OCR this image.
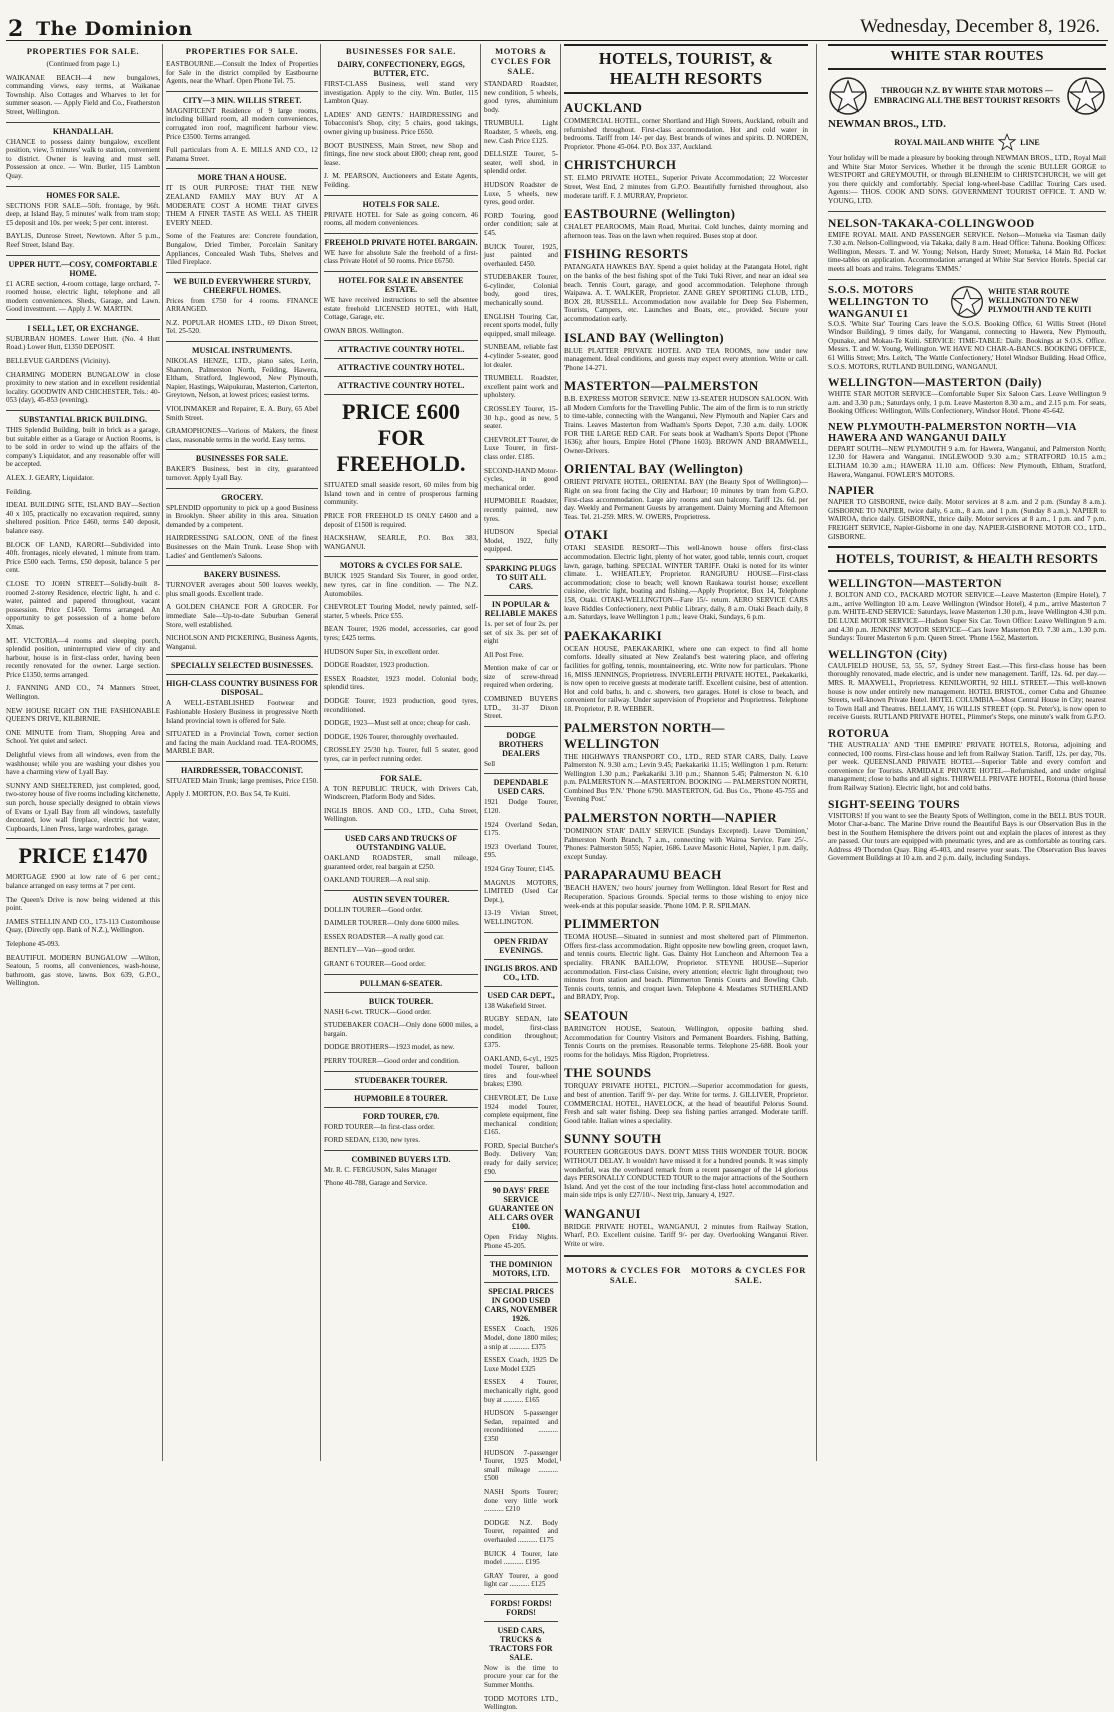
2 The Dominion	Wednesday, December 8, 1926.
PROPERTIES FOR SALE.
(Continued from page 1.)
WAIKANAE BEACH—4 new bungalows, commanding views, easy terms, at Waikanae Township. Also Cottages and Wharves to let for summer season. — Apply Field and Co., Featherston Street, Wellington.
KHANDALLAH.
CHANCE to possess dainty bungalow, excellent position, view, 5 minutes' walk to station, convenient to district. Owner is leaving and must sell. Possession at once. — Wm. Butler, 115 Lambton Quay.
HOMES FOR SALE.
SECTIONS FOR SALE—50ft. frontage, by 96ft. deep, at Island Bay, 5 minutes' walk from tram stop; £5 deposit and 10s. per week; 5 per cent. interest.
BAYLIS, Dunrose Street, Newtown. After 5 p.m., Reef Street, Island Bay.
UPPER HUTT.—COSY, COMFORTABLE HOME.
£1 ACRE section, 4-room cottage, large orchard, 7-roomed house, electric light, telephone and all modern conveniences. Sheds, Garage, and Lawn. Good investment. — Apply J. W. MARTIN.
I SELL, LET, OR EXCHANGE.
SUBURBAN HOMES. Lower Hutt. (No. 4 Hutt Road.) Lower Hutt, £1350 DEPOSIT.
BELLEVUE GARDENS (Vicinity).
CHARMING MODERN BUNGALOW in close proximity to new station and in excellent residential locality. GOODWIN AND CHICHESTER, Tels.: 40-053 (day), 45-853 (evening).
SUBSTANTIAL BRICK BUILDING.
THIS Splendid Building, built in brick as a garage, but suitable either as a Garage or Auction Rooms, is to be sold in order to wind up the affairs of the company's Liquidator, and any reasonable offer will be accepted.
ALEX. J. GEARY, Liquidator.
Feilding.
IDEAL BUILDING SITE, ISLAND BAY—Section 40 x 105, practically no excavation required, sunny sheltered position. Price £460, terms £40 deposit, balance easy.
BLOCK OF LAND, KARORI—Subdivided into 40ft. frontages, nicely elevated, 1 minute from tram. Price £500 each. Terms, £50 deposit, balance 5 per cent.
CLOSE TO JOHN STREET—Solidly-built 8-roomed 2-storey Residence, electric light, h. and c. water, painted and papered throughout, vacant possession. Price £1450. Terms arranged. An opportunity to get possession of a home before Xmas.
MT. VICTORIA—4 rooms and sleeping porch, splendid position, uninterrupted view of city and harbour, house is in first-class order, having been recently renovated for the owner. Large section. Price £1350, terms arranged.
J. FANNING AND CO., 74 Manners Street, Wellington.
NEW HOUSE RIGHT ON THE FASHIONABLE QUEEN'S DRIVE, KILBIRNIE.
ONE MINUTE from Tram, Shopping Area and School. Yet quiet and select.
Delightful views from all windows, even from the washhouse; while you are washing your dishes you have a charming view of Lyall Bay.
SUNNY AND SHELTERED, just completed, good, two-storey house of five rooms including kitchenette, sun porch, house specially designed to obtain views of Evans or Lyall Bay from all windows, tastefully decorated, low wall fireplace, electric hot water, Cupboards, Linen Press, large wardrobes, garage.
PRICE £1470
MORTGAGE £900 at low rate of 6 per cent.; balance arranged on easy terms at 7 per cent.
The Queen's Drive is now being widened at this point.
JAMES STELLIN AND CO., 173-113 Customhouse Quay, (Directly opp. Bank of N.Z.), Wellington.
Telephone 45-093.
BEAUTIFUL MODERN BUNGALOW —Wilton, Seatoun, 5 rooms, all conveniences, wash-house, bathroom, gas stove, lawns. Box 639, G.P.O., Wellington.
PROPERTIES FOR SALE.
EASTBOURNE.—Consult the Index of Properties for Sale in the district compiled by Eastbourne Agents, near the Wharf. Open Phone Tel. 75.
CITY—3 MIN. WILLIS STREET.
MAGNIFICENT Residence of 9 large rooms, including billiard room, all modern conveniences, corrugated iron roof, magnificent harbour view. Price £3500. Terms arranged.
Full particulars from A. E. MILLS AND CO., 12 Panama Street.
MORE THAN A HOUSE.
IT IS OUR PURPOSE: THAT THE NEW ZEALAND FAMILY MAY BUY AT A MODERATE COST A HOME THAT GIVES THEM A FINER TASTE AS WELL AS THEIR EVERY NEED.
Some of the Features are: Concrete foundation, Bungalow, Dried Timber, Porcelain Sanitary Appliances, Concealed Wash Tubs, Shelves and Tiled Fireplace.
WE BUILD EVERYWHERE STURDY, CHEERFUL HOMES.
Prices from £750 for 4 rooms. FINANCE ARRANGED.
N.Z. POPULAR HOMES LTD., 69 Dixon Street, Tel. 25-520.
MUSICAL INSTRUMENTS.
NIKOLAS HENZE, LTD., piano sales, Lerin, Shannon, Palmerston North, Feilding, Hawera, Eltham, Stratford, Inglewood, New Plymouth, Napier, Hastings, Waipukurau, Masterton, Carterton, Greytown, Nelson, at lowest prices; easiest terms.
VIOLINMAKER and Repairer, E. A. Bury, 65 Abel Smith Street.
GRAMOPHONES—Various of Makers, the finest class, reasonable terms in the world. Easy terms.
BUSINESSES FOR SALE.
BAKER'S Business, best in city, guaranteed turnover. Apply Lyall Bay.
GROCERY.
SPLENDID opportunity to pick up a good Business in Brooklyn. Sheer ability in this area. Situation demanded by a competent.
HAIRDRESSING SALOON, ONE of the finest Businesses on the Main Trunk. Lease Shop with Ladies' and Gentlemen's Saloons.
BAKERY BUSINESS.
TURNOVER averages about 500 loaves weekly, plus small goods. Excellent trade.
A GOLDEN CHANCE FOR A GROCER. For immediate Sale—Up-to-date Suburban General Store, well established.
NICHOLSON AND PICKERING, Business Agents, Wanganui.
SPECIALLY SELECTED BUSINESSES.
HIGH-CLASS COUNTRY BUSINESS FOR DISPOSAL.
A WELL-ESTABLISHED Footwear and Fashionable Hosiery Business in progressive North Island provincial town is offered for Sale.
SITUATED in a Provincial Town, corner section and facing the main Auckland road. TEA-ROOMS, MARBLE BAR.
HAIRDRESSER, TOBACCONIST.
SITUATED Main Trunk; large premises, Price £150.
Apply J. MORTON, P.O. Box 54, Te Kuiti.
BUSINESSES FOR SALE.
DAIRY, CONFECTIONERY, EGGS, BUTTER, ETC.
FIRST-CLASS Business, well stand very investigation. Apply to the city. Wm. Butler, 115 Lambton Quay.
LADIES' AND GENTS.' HAIRDRESSING and Tobacconist's Shop, city; 5 chairs, good takings, owner giving up business. Price £650.
BOOT BUSINESS, Main Street, new Shop and fittings, fine new stock about £800; cheap rent, good lease.
J. M. PEARSON, Auctioneers and Estate Agents, Feilding.
HOTELS FOR SALE.
PRIVATE HOTEL for Sale as going concern, 46 rooms, all modern conveniences.
FREEHOLD PRIVATE HOTEL BARGAIN.
WE have for absolute Sale the freehold of a first-class Private Hotel of 50 rooms. Price £6750.
HOTEL FOR SALE IN ABSENTEE ESTATE.
WE have received instructions to sell the absentee estate freehold LICENSED HOTEL, with Hall, Cottage, Garage, etc.
OWAN BROS. Wellington.
ATTRACTIVE COUNTRY HOTEL.
ATTRACTIVE COUNTRY HOTEL.
ATTRACTIVE COUNTRY HOTEL.
PRICE £600 FOR FREEHOLD.
SITUATED small seaside resort, 60 miles from big Island town and in centre of prosperous farming community.
PRICE FOR FREEHOLD IS ONLY £4600 and a deposit of £1500 is required.
HACKSHAW, SEARLE, P.O. Box 383, WANGANUI.
MOTORS & CYCLES FOR SALE.
BUICK 1925 Standard Six Tourer, in good order, new tyres, car in fine condition. — The N.Z. Automobiles.
CHEVROLET Touring Model, newly painted, self-starter, 5 wheels. Price £55.
BEAN Tourer, 1926 model, accessories, car good tyres; £425 terms.
HUDSON Super Six, in excellent order.
DODGE Roadster, 1923 production.
ESSEX Roadster, 1923 model. Colonial body, splendid tires.
DODGE Tourer, 1923 production, good tyres, reconditioned.
DODGE, 1923—Must sell at once; cheap for cash.
DODGE, 1926 Tourer, thoroughly overhauled.
CROSSLEY 25/30 h.p. Tourer, full 5 seater, good tyres, car in perfect running order.
FOR SALE.
A TON REPUBLIC TRUCK, with Drivers Cab, Windscreen, Platform Body and Sides.
INGLIS BROS. AND CO., LTD., Cuba Street, Wellington.
USED CARS AND TRUCKS OF OUTSTANDING VALUE.
OAKLAND ROADSTER, small mileage, guaranteed order, real bargain at £250.
OAKLAND TOURER—A real snip.
AUSTIN SEVEN TOURER.
DOLLIN TOURER—Good order.
DAIMLER TOURER—Only done 6000 miles.
ESSEX ROADSTER—A really good car.
BENTLEY—Van—good order.
GRANT 6 TOURER—Good order.
PULLMAN 6-SEATER.
BUICK TOURER.
NASH 6-cwt. TRUCK—Good order.
STUDEBAKER COACH—Only done 6000 miles, a bargain.
DODGE BROTHERS—1923 model, as new.
PERRY TOURER—Good order and condition.
STUDEBAKER TOURER.
HUPMOBILE 8 TOURER.
FORD TOURER, £70.
FORD TOURER—In first-class order.
FORD SEDAN, £130, new tyres.
COMBINED BUYERS LTD.
Mr. R. C. FERGUSON, Sales Manager
'Phone 40-788, Garage and Service.
MOTORS & CYCLES FOR SALE.
STANDARD Roadster, new condition, 5 wheels, good tyres, aluminium body.
TRUMBULL Light Roadster, 5 wheels, eng. new. Cash Price £125.
DELLSIZE Tourer, 5-seater, well shod, in splendid order.
HUDSON Roadster de Luxe, 5 wheels, new tyres, good order.
FORD Touring, good order condition; sale at £45.
BUICK Tourer, 1925, just painted and overhauled. £450.
STUDEBAKER Tourer, 6-cylinder, Colonial body, good tires, mechanically sound.
ENGLISH Touring Car, recent sports model, fully equipped, small mileage.
SUNBEAM, reliable fast 4-cylinder 5-seater, good lot dealer.
TRUMBELL Roadster, excellent paint work and upholstery.
CROSSLEY Tourer, 15-30 h.p., good as new, 5 seater.
CHEVROLET Tourer, de Luxe Tourer, in first-class order. £185.
SECOND-HAND Motor-cycles, in good mechanical order.
HUPMOBILE Roadster, recently painted, new tyres.
HUDSON Special Model, 1922, fully equipped.
SPARKING PLUGS TO SUIT ALL CARS.
IN POPULAR & RELIABLE MAKES
1s. per set of four 2s. per set of six 3s. per set of eight
All Post Free.
Mention make of car or size of screw-thread required when ordering.
COMBINED BUYERS LTD., 31-37 Dixon Street.
DODGE BROTHERS DEALERS
Sell
DEPENDABLE USED CARS.
1921 Dodge Tourer, £120.
1924 Overland Sedan, £175.
1923 Overland Tourer, £95.
1924 Gray Tourer, £145.
MAGNUS MOTORS, LIMITED (Used Car Dept.),
13-19 Vivian Street, WELLINGTON.
OPEN FRIDAY EVENINGS.
INGLIS BROS. AND CO., LTD.
USED CAR DEPT.,
138 Wakefield Street.
RUGBY SEDAN, late model, first-class condition throughout; £375.
OAKLAND, 6-cyl., 1925 model Tourer, balloon tires and four-wheel brakes; £390.
CHEVROLET, De Luxe 1924 model Tourer, complete equipment, fine mechanical condition; £165.
FORD, Special Butcher's Body. Delivery Van; ready for daily service; £90.
90 DAYS' FREE SERVICE GUARANTEE ON ALL CARS OVER £100.
Open Friday Nights. Phone 45-205.
THE DOMINION MOTORS, LTD.
SPECIAL PRICES IN GOOD USED CARS, NOVEMBER 1926.
ESSEX Coach, 1926 Model, done 1800 miles; a snip at ........... £375
ESSEX Coach, 1925 De Luxe Model £325
ESSEX 4 Tourer, mechanically right, good buy at ........... £165
HUDSON 5-passenger Sedan, repainted and reconditioned ........... £350
HUDSON 7-passenger Tourer, 1925 Model, small mileage ........... £500
NASH Sports Tourer; done very little work ........... £210
DODGE N.Z. Body Tourer, repainted and overhauled ........... £175
BUICK 4 Tourer, late model ........... £195
GRAY Tourer, a good light car ........... £125
FORDS! FORDS! FORDS!
USED CARS, TRUCKS & TRACTORS FOR SALE.
Now is the time to procure your car for the Summer Months.
TODD MOTORS LTD., Wellington.
HOTELS, TOURIST, & HEALTH RESORTS
AUCKLAND
COMMERCIAL HOTEL, corner Shortland and High Streets, Auckland, rebuilt and refurnished throughout. First-class accommodation. Hot and cold water in bedrooms. Tariff from 14/- per day. Best brands of wines and spirits. D. NORDEN, Proprietor. 'Phone 45-064. P.O. Box 337, Auckland.
CHRISTCHURCH
ST. ELMO PRIVATE HOTEL, Superior Private Accommodation; 22 Worcester Street, West End, 2 minutes from G.P.O. Beautifully furnished throughout, also moderate tariff. F. J. MURRAY, Proprietor.
EASTBOURNE (Wellington)
CHALET PEAROOMS, Main Road, Muritai. Cold lunches, dainty morning and afternoon teas. Teas on the lawn when required. Buses stop at door.
FISHING RESORTS
PATANGATA HAWKES BAY. Spend a quiet holiday at the Patangata Hotel, right on the banks of the best fishing spot of the Tuki Tuki River, and near an ideal sea beach. Tennis Court, garage, and good accommodation. Telephone through Waipawa. A. T. WALKER, Proprietor. ZANE GREY SPORTING CLUB, LTD., BOX 28, RUSSELL. Accommodation now available for Deep Sea Fishermen, Tourists, Campers, etc. Launches and Boats, etc., provided. Secure your accommodation early.
ISLAND BAY (Wellington)
BLUE PLATTER PRIVATE HOTEL AND TEA ROOMS, now under new management. Ideal conditions, and guests may expect every attention. Write or call. 'Phone 14-271.
MASTERTON—PALMERSTON
B.B. EXPRESS MOTOR SERVICE. NEW 13-SEATER HUDSON SALOON. With all Modern Comforts for the Travelling Public. The aim of the firm is to run strictly to time-table, connecting with the Wanganui, New Plymouth and Napier Cars and Trains. Leaves Masterton from Wadham's Sports Depot, 7.30 a.m. daily. LOOK FOR THE LARGE RED CAR. For seats book at Wadham's Sports Depot ('Phone 1636); after hours, Empire Hotel ('Phone 1603). BROWN AND BRAMWELL, Owner-Drivers.
ORIENTAL BAY (Wellington)
ORIENT PRIVATE HOTEL, ORIENTAL BAY (the Beauty Spot of Wellington)—Right on sea front facing the City and Harbour; 10 minutes by tram from G.P.O. First-class accommodation. Large airy rooms and sun balcony. Tariff 12s. 6d. per day. Weekly and Permanent Guests by arrangement. Dainty Morning and Afternoon Teas. Tel. 21-259. MRS. W. OWERS, Proprietress.
OTAKI
OTAKI SEASIDE RESORT—This well-known house offers first-class accommodation. Electric light, plenty of hot water, good table, tennis court, croquet lawn, garage, bathing. SPECIAL WINTER TARIFF. Otaki is noted for its winter climate. L. WHEATLEY, Proprietor. RANGIURU HOUSE—First-class accommodation; close to beach; well known Raukawa tourist house; excellent cuisine, electric light, boating and fishing.—Apply Proprietor, Box 14, Telephone 158, Otaki. OTAKI-WELLINGTON—Fare 15/- return. AERO SERVICE CARS leave Riddles Confectionery, next Public Library, daily, 8 a.m. Otaki Beach daily, 8 a.m. Saturdays, leave Wellington 1 p.m.; leave Otaki, Sundays, 6 p.m.
PAEKAKARIKI
OCEAN HOUSE, PAEKAKARIKI, where one can expect to find all home comforts. Ideally situated at New Zealand's best watering place, and offering facilities for golfing, tennis, mountaineering, etc. Write now for particulars. 'Phone 16, MISS JENNINGS, Proprietress. INVERLEITH PRIVATE HOTEL, Paekakariki, is now open to receive guests at moderate tariff. Excellent cuisine, best of attention. Hot and cold baths, h. and c. showers, two garages. Hotel is close to beach, and convenient for railway. Under supervision of Proprietor and Proprietress. Telephone 18. Proprietor, P. R. WEBBER.
PALMERSTON NORTH—WELLINGTON
THE HIGHWAYS TRANSPORT CO., LTD., RED STAR CARS, Daily. Leave Palmerston N. 9.30 a.m.; Levin 9.45; Paekakariki 11.15; Wellington 1 p.m. Return: Wellington 1.30 p.m.; Paekakariki 3.10 p.m.; Shannon 5.45; Palmerston N. 6.10 p.m. PALMERSTON N.—MASTERTON. BOOKING — PALMERSTON NORTH, Combined Bus 'P.N.' 'Phone 6790. MASTERTON, Gd. Bus Co., 'Phone 45-755 and 'Evening Post.'
PALMERSTON NORTH—NAPIER
'DOMINION STAR' DAILY SERVICE (Sundays Excepted). Leave 'Dominion,' Palmerston North Branch, 7 a.m., connecting with Wairoa Service. Fare 25/-. 'Phones: Palmerston 5055; Napier, 1686. Leave Masonic Hotel, Napier, 1 p.m. daily, except Sunday.
PARAPARAUMU BEACH
'BEACH HAVEN,' two hours' journey from Wellington. Ideal Resort for Rest and Recuperation. Spacious Grounds. Special terms to those wishing to enjoy nice week-ends at this popular seaside. 'Phone 10M. P. R. SPILMAN.
PLIMMERTON
TEOMA HOUSE—Situated in sunniest and most sheltered part of Plimmerton. Offers first-class accommodation. Right opposite new bowling green, croquet lawn, and tennis courts. Electric light. Gas. Dainty Hot Luncheon and Afternoon Tea a speciality. FRANK BAILLOW, Proprietor. STEYNE HOUSE—Superior accommodation. First-class Cuisine, every attention; electric light throughout; two minutes from station and beach. Plimmerton Tennis Courts and Bowling Club. Tennis courts, tennis, and croquet lawn. Telephone 4. Mesdames SUTHERLAND and BRADY, Prop.
SEATOUN
BARINGTON HOUSE, Seatoun, Wellington, opposite bathing shed. Accommodation for Country Visitors and Permanent Boarders. Fishing, Bathing, Tennis Courts on the premises. Reasonable terms. Telephone 25-688. Book your rooms for the holidays. Miss Rigdon, Proprietress.
THE SOUNDS
TORQUAY PRIVATE HOTEL, PICTON.—Superior accommodation for guests, and best of attention. Tariff 9/- per day. Write for terms. J. GILLIVER, Proprietor. COMMERCIAL HOTEL, HAVELOCK, at the head of beautiful Pelorus Sound. Fresh and salt water fishing. Deep sea fishing parties arranged. Moderate tariff. Good table. Italian wines a speciality.
SUNNY SOUTH
FOURTEEN GORGEOUS DAYS. DON'T MISS THIS WONDER TOUR. BOOK WITHOUT DELAY. It wouldn't have missed it for a hundred pounds. It was simply wonderful, was the overheard remark from a recent passenger of the 14 glorious days PERSONALLY CONDUCTED TOUR to the major attractions of the Southern Island. And yet the cost of the tour including first-class hotel accommodation and main side trips is only £27/10/-. Next trip, January 4, 1927.
WANGANUI
BRIDGE PRIVATE HOTEL, WANGANUI, 2 minutes from Railway Station, Wharf, P.O. Excellent cuisine. Tariff 9/- per day. Overlooking Wanganui River. Write or wire.
MOTORS & CYCLES FOR SALE.
MOTORS & CYCLES FOR SALE.
WHITE STAR ROUTES
THROUGH N.Z. BY WHITE STAR MOTORS — EMBRACING ALL THE BEST TOURIST RESORTS
NEWMAN BROS., LTD.
ROYAL MAIL AND WHITE	LINE
Your holiday will be made a pleasure by booking through NEWMAN BROS., LTD., Royal Mail and White Star Motor Services. Whether it be through the scenic BULLER GORGE to WESTPORT and GREYMOUTH, or through BLENHEIM to CHRISTCHURCH, we will get you there quickly and comfortably. Special long-wheel-base Cadillac Touring Cars used. Agents:— THOS. COOK AND SONS. GOVERNMENT TOURIST OFFICE. T. AND W. YOUNG, LTD.
NELSON-TAKAKA-COLLINGWOOD
EMIFE ROYAL MAIL AND PASSENGER SERVICE. Nelson—Motueka via Tasman daily 7.30 a.m. Nelson-Collingwood, via Takaka, daily 8 a.m. Head Office: Tahuna. Booking Offices: Wellington, Messrs. T. and W. Young; Nelson, Hardy Street; Motueka, 14 Main Rd. Pocket time-tables on application. Accommodation arranged at White Star Service Hotels. Special car meets all boats and trains. Telegrams 'EMMS.'
S.O.S. MOTORS WELLINGTON TO WANGANUI £1
WHITE STAR ROUTE WELLINGTON TO NEW PLYMOUTH AND TE KUITI
S.O.S. 'White Star' Touring Cars leave the S.O.S. Booking Office, 61 Willis Street (Hotel Windsor Building), 9 times daily, for Wanganui, connecting to Hawera, New Plymouth, Opunake, and Mokau-Te Kuiti. SERVICE: TIME-TABLE: Daily. Bookings at S.O.S. Office. Messrs. T. and W. Young, Wellington. WE HAVE NO CHAR-A-BANCS. BOOKING OFFICE, 61 Willis Street; Mrs. Leitch, 'The Wattle Confectionery,' Hotel Windsor Building. Head Office, S.O.S. MOTORS, RUTLAND BUILDING, WANGANUI.
WELLINGTON—MASTERTON (Daily)
WHITE STAR MOTOR SERVICE—Comfortable Super Six Saloon Cars. Leave Wellington 9 a.m. and 3.30 p.m.; Saturdays only, 1 p.m. Leave Masterton 8.30 a.m., and 2.15 p.m. For seats, Booking Offices: Wellington, Wills Confectionery, Windsor Hotel. 'Phone 45-642.
NEW PLYMOUTH-PALMERSTON NORTH—VIA HAWERA AND WANGANUI DAILY
DEPART SOUTH—NEW PLYMOUTH 9 a.m. for Hawera, Wanganui, and Palmerston North; 12.30 for Hawera and Wanganui. INGLEWOOD 9.30 a.m.; STRATFORD 10.15 a.m.; ELTHAM 10.30 a.m.; HAWERA 11.10 a.m. Offices: New Plymouth, Eltham, Stratford, Hawera, Wanganui. FOWLER'S MOTORS.
NAPIER
NAPIER TO GISBORNE, twice daily. Motor services at 8 a.m. and 2 p.m. (Sunday 8 a.m.). GISBORNE TO NAPIER, twice daily, 6 a.m., 8 a.m. and 1 p.m. (Sunday 8 a.m.). NAPIER to WAIROA, thrice daily. GISBORNE, thrice daily. Motor services at 8 a.m., 1 p.m. and 7 p.m. FREIGHT SERVICE, Napier-Gisborne in one day. NAPIER-GISBORNE MOTOR CO., LTD., GISBORNE.
HOTELS, TOURIST, & HEALTH RESORTS
WELLINGTON—MASTERTON
J. BOLTON AND CO., PACKARD MOTOR SERVICE—Leave Masterton (Empire Hotel), 7 a.m., arrive Wellington 10 a.m. Leave Wellington (Windsor Hotel), 4 p.m., arrive Masterton 7 p.m. WHITE-END SERVICE: Saturdays, leave Masterton 1.30 p.m., leave Wellington 4.30 p.m. DE LUXE MOTOR SERVICE—Hudson Super Six Car. Town Office: Leave Wellington 9 a.m. and 4.30 p.m. JENKINS' MOTOR SERVICE—Cars leave Masterton P.O. 7.30 a.m., 1.30 p.m. Sundays: Tourer Masterton 6 p.m. Queen Street. 'Phone 1562, Masterton.
WELLINGTON (City)
CAULFIELD HOUSE, 53, 55, 57, Sydney Street East.—This first-class house has been thoroughly renovated, made electric, and is under new management. Tariff, 12s. 6d. per day.—MRS. R. MAXWELL, Proprietress. KENILWORTH, 92 HILL STREET.—This well-known house is now under entirely new management. HOTEL BRISTOL, corner Cuba and Ghuznee Streets, well-known Private Hotel. HOTEL COLUMBIA—Most Central House in City; nearest to Town Hall and Theatres. BELLAMY, 16 WILLIS STREET (opp. St. Peter's), is now open to receive Guests. RUTLAND PRIVATE HOTEL, Plimmer's Steps, one minute's walk from G.P.O.
ROTORUA
'THE AUSTRALIA' AND 'THE EMPIRE' PRIVATE HOTELS, Rotorua, adjoining and connected, 100 rooms. First-class house and left from Railway Station. Tariff, 12s. per day, 70s. per week. QUEENSLAND PRIVATE HOTEL—Superior Table and every comfort and convenience for Tourists. ARMIDALE PRIVATE HOTEL—Refurnished, and under original management; close to baths and all sights. THIRWELL PRIVATE HOTEL, Rotorua (third house from Railway Station). Electric light, hot and cold baths.
SIGHT-SEEING TOURS
VISITORS! If you want to see the Beauty Spots of Wellington, come in the BELL BUS TOUR. Motor Char-a-banc. The Marine Drive round the Beautiful Bays is our Observation Bus in the best in the Southern Hemisphere the drivers point out and explain the places of interest as they are passed. Our tours are equipped with pneumatic tyres, and are as comfortable as touring cars. Address 49 Thorndon Quay. Ring 45-403, and reserve your seats. The Observation Bus leaves Government Buildings at 10 a.m. and 2 p.m. daily, including Sundays.
